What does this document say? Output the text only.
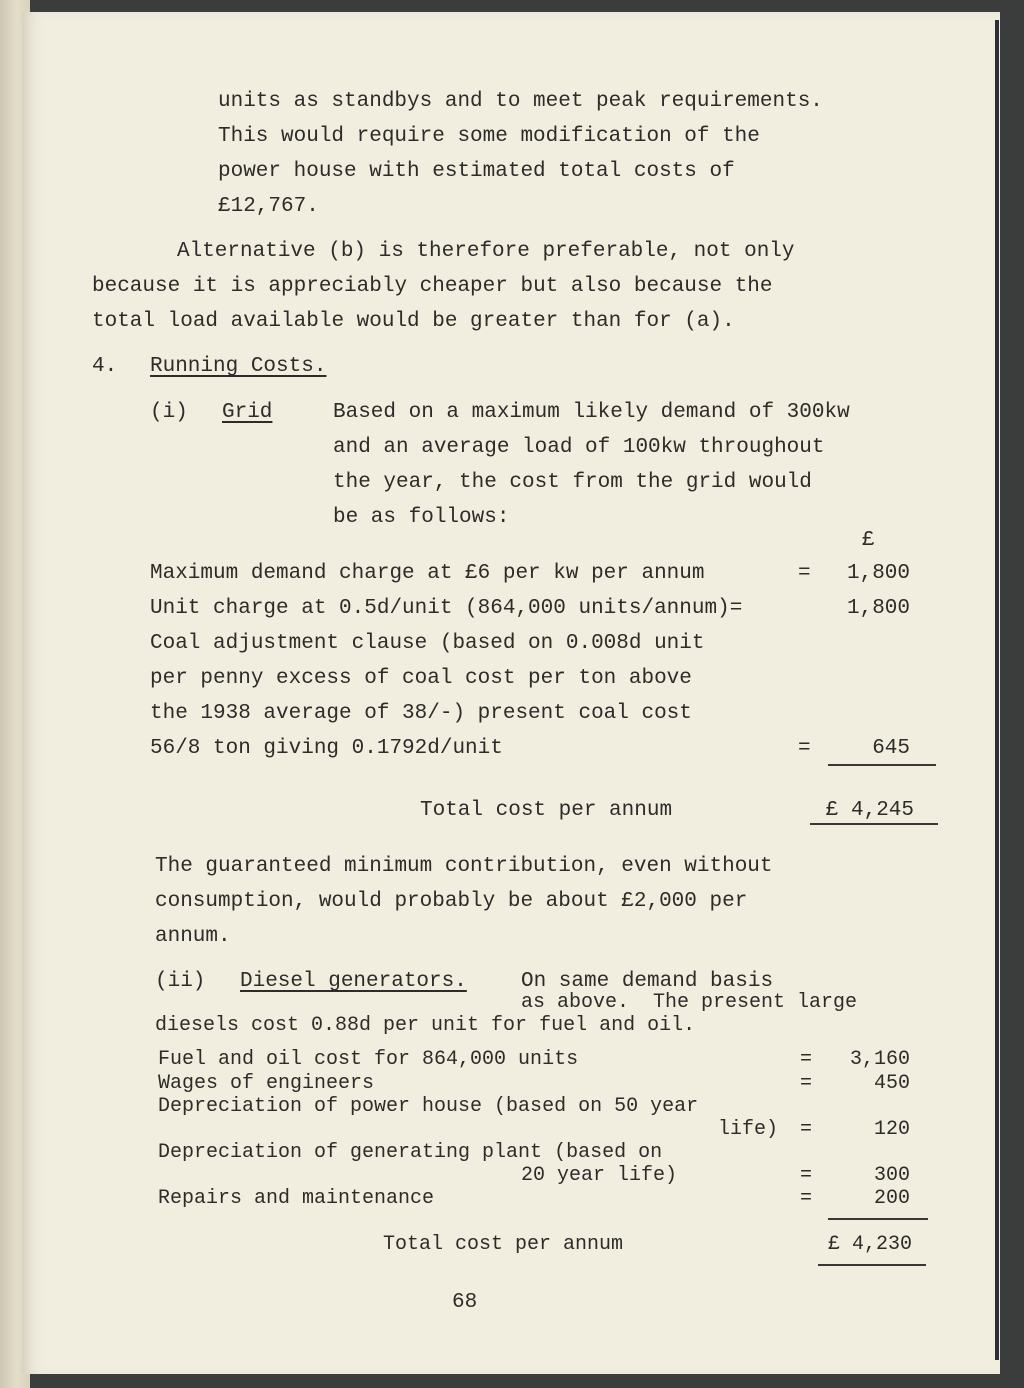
units as standbys and to meet peak requirements.
This would require some modification of the
power house with estimated total costs of
£12,767.
Alternative (b) is therefore preferable, not only
because it is appreciably cheaper but also because the
total load available would be greater than for (a).
4. Running Costs.
(i) Grid	Based on a maximum likely demand of 300kw
and an average load of 100kw throughout
the year, the cost from the grid would
be as follows:
£
Maximum demand charge at £6 per kw per annum	=	1,800
Unit charge at 0.5d/unit (864,000 units/annum)=	1,800
Coal adjustment clause (based on 0.008d unit
per penny excess of coal cost per ton above
the 1938 average of 38/-) present coal cost
56/8 ton giving 0.1792d/unit	=	645
Total cost per annum	£ 4,245
The guaranteed minimum contribution, even without
consumption, would probably be about £2,000 per
annum.
(ii) Diesel generators.	On same demand basis
as above.  The present large
diesels cost 0.88d per unit for fuel and oil.
Fuel and oil cost for 864,000 units	=	3,160
Wages of engineers	=	450
Depreciation of power house (based on 50 year
life) =	120
Depreciation of generating plant (based on
20 year life)	=	300
Repairs and maintenance	=	200
Total cost per annum	£ 4,230
68
